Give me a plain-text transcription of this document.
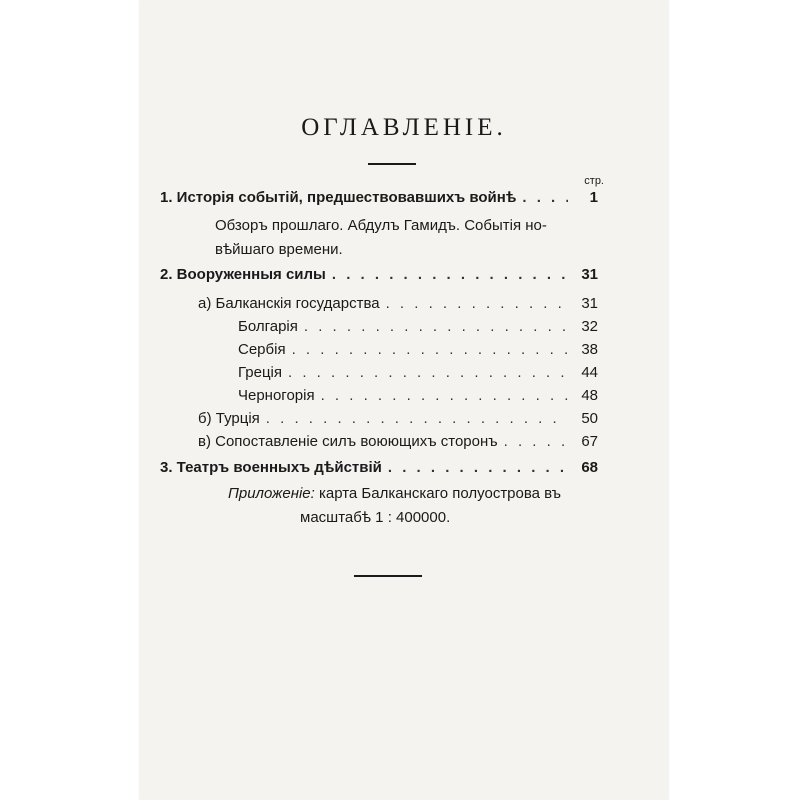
ОГЛАВЛЕНIЕ.
стр.
1. Исторія событій, предшествовавшихъ войнѣ . . .	1
Обзоръ прошлаго. Абдулъ Гамидъ. Событія но-
вѣйшаго времени.
2. Вооруженныя силы . . .	31
а) Балканскія государства . . .	31
Болгарія . . .	32
Сербія . . .	38
Греція . . .	44
Черногорія . . .	48
б) Турція . . .	50
в) Сопоставленіе силъ воюющихъ сторонъ . . .	67
3. Театръ военныхъ дѣйствій . . .	68
Приложеніе: карта Балканскаго полуострова въ
масштабѣ 1 : 400000.
